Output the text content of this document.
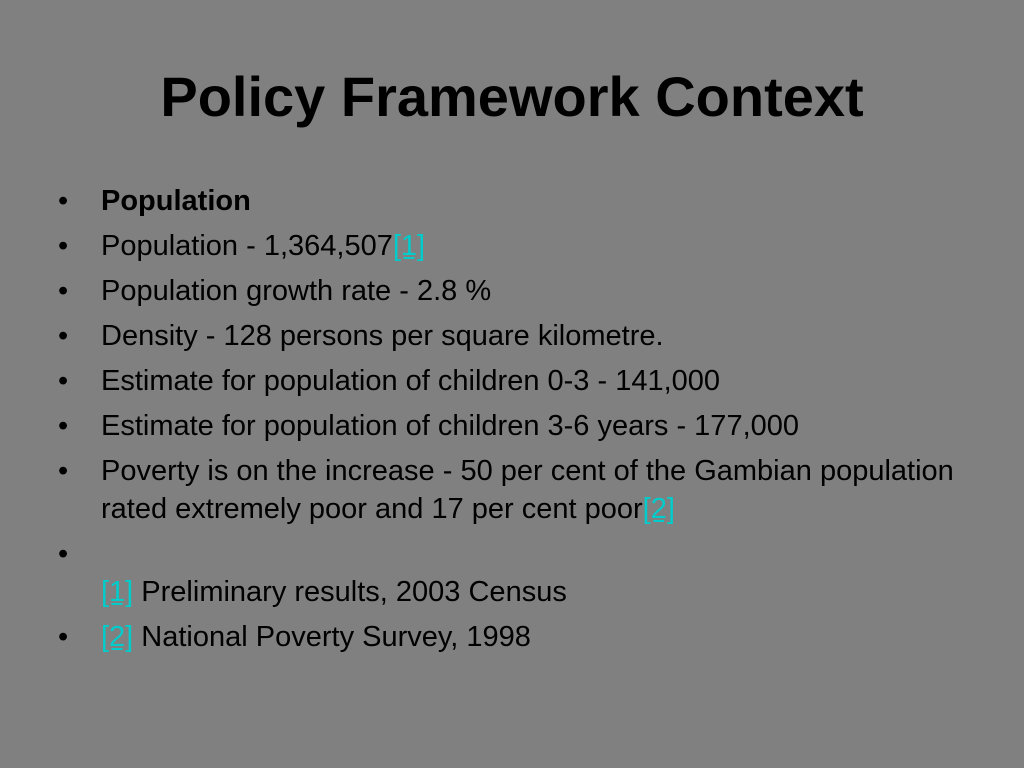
Policy Framework Context
• Population
• Population - 1,364,507[1]
• Population growth rate - 2.8 %
• Density - 128 persons per square kilometre.
• Estimate for population of children 0-3 - 141,000
• Estimate for population of children 3-6 years - 177,000
• Poverty is on the increase - 50 per cent of the Gambian population rated extremely poor and 17 per cent poor[2]
•

[1] Preliminary results, 2003 Census
• [2] National Poverty Survey, 1998
